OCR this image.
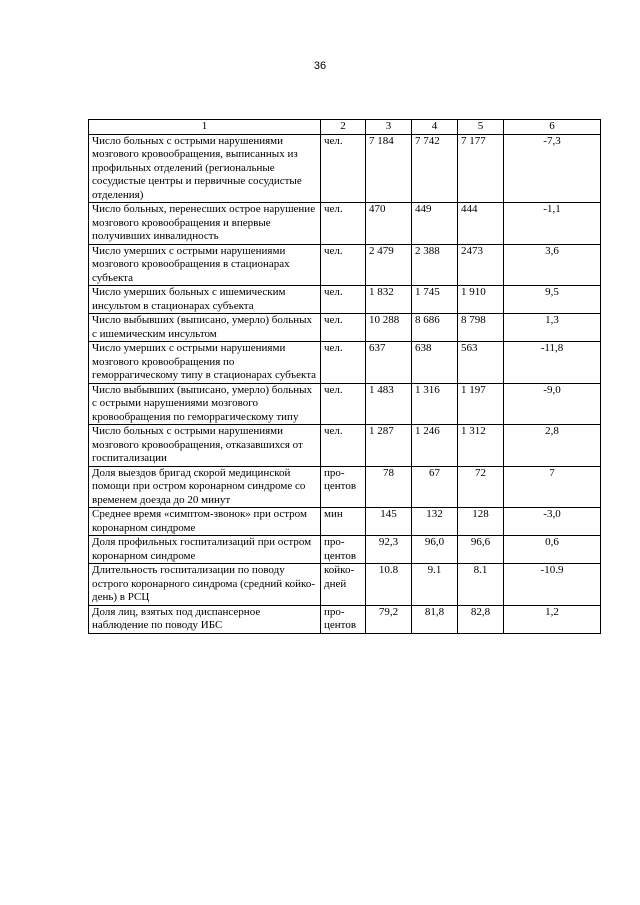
36
1	2	3	4	5	6
Число больных с острыми нарушениями мозгового кровообращения, выписанных из профильных отделений (региональные сосудистые центры и первичные сосудистые отделения)	чел.	7 184	7 742	7 177	-7,3
Число больных, перенесших острое нарушение мозгового кровообращения и впервые получивших инвалидность	чел.	470	449	444	-1,1
Число умерших с острыми нарушениями мозгового кровообращения в стационарах субъекта	чел.	2 479	2 388	2473	3,6
Число умерших больных с ишемическим инсультом в стационарах субъекта	чел.	1 832	1 745	1 910	9,5
Число выбывших (выписано, умерло) больных с ишемическим инсультом	чел.	10 288	8 686	8 798	1,3
Число умерших с острыми нарушениями мозгового кровообращения по геморрагическому типу в стационарах субъекта	чел.	637	638	563	-11,8
Число выбывших (выписано, умерло) больных с острыми нарушениями мозгового кровообращения по геморрагическому типу	чел.	1 483	1 316	1 197	-9,0
Число больных с острыми нарушениями мозгового кровообращения, отказавшихся от госпитализации	чел.	1 287	1 246	1 312	2,8
Доля выездов бригад скорой медицинской помощи при остром коронарном синдроме со временем доезда до 20 минут	про-центов	78	67	72	7
Среднее время «симптом-звонок» при остром коронарном синдроме	мин	145	132	128	-3,0
Доля профильных госпитализаций при остром коронарном синдроме	про-центов	92,3	96,0	96,6	0,6
Длительность госпитализации по поводу острого коронарного синдрома (средний койко-день) в РСЦ	койко-дней	10.8	9.1	8.1	-10.9
Доля лиц, взятых под диспансерное наблюдение по поводу ИБС	про-центов	79,2	81,8	82,8	1,2
